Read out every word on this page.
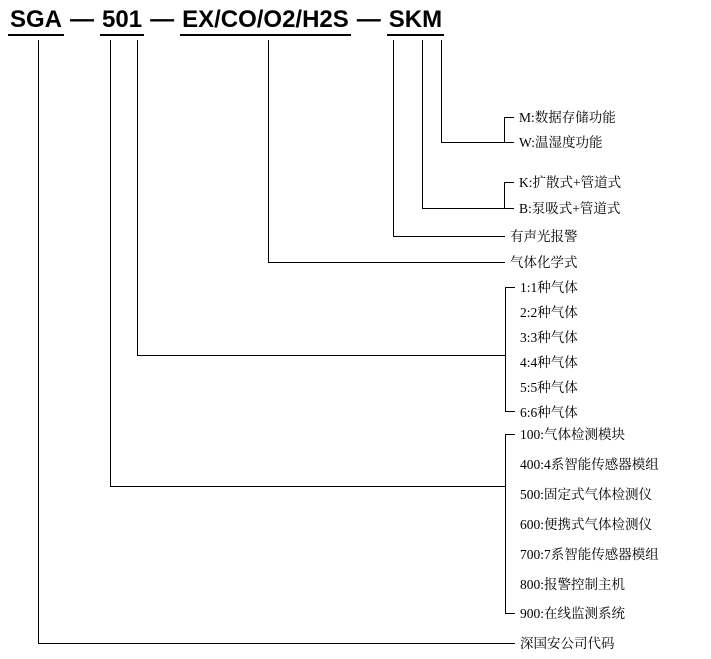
SGA — 501 — EX/CO/O2/H2S — SKM
M:数据存储功能
W:温湿度功能
K:扩散式+管道式
B:泵吸式+管道式
有声光报警
气体化学式
1:1种气体
2:2种气体
3:3种气体
4:4种气体
5:5种气体
6:6种气体
100:气体检测模块
400:4系智能传感器模组
500:固定式气体检测仪
600:便携式气体检测仪
700:7系智能传感器模组
800:报警控制主机
900:在线监测系统
深国安公司代码
